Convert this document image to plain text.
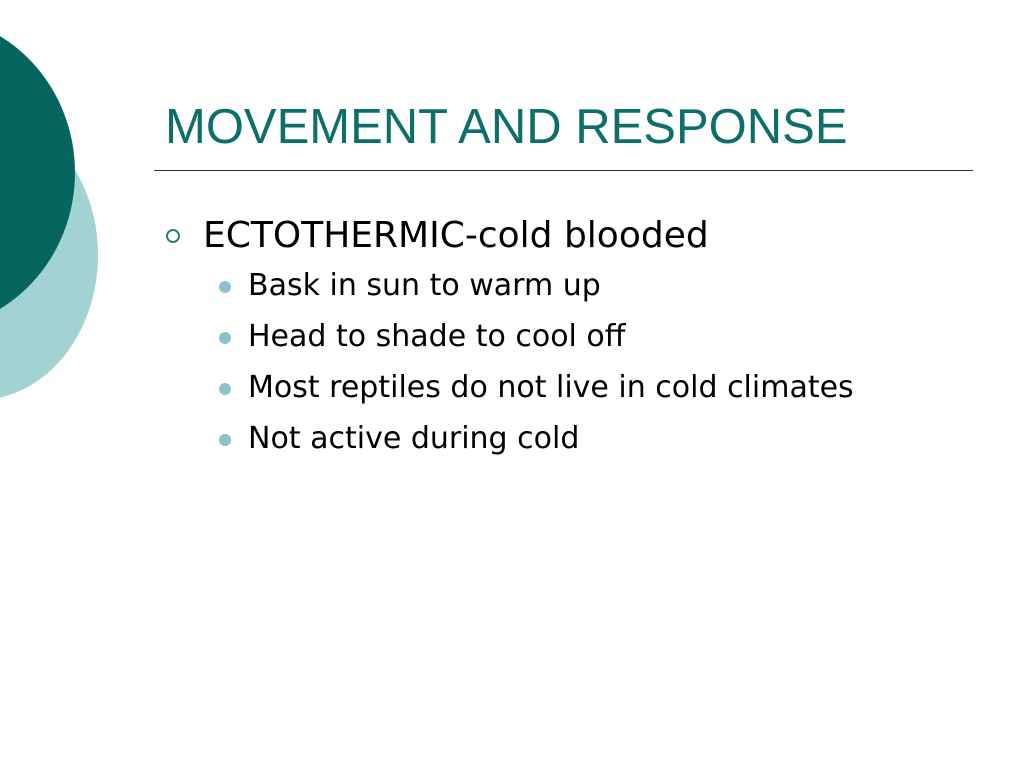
MOVEMENT AND RESPONSE
ECTOTHERMIC-cold blooded
Bask in sun to warm up
Head to shade to cool off
Most reptiles do not live in cold climates
Not active during cold
